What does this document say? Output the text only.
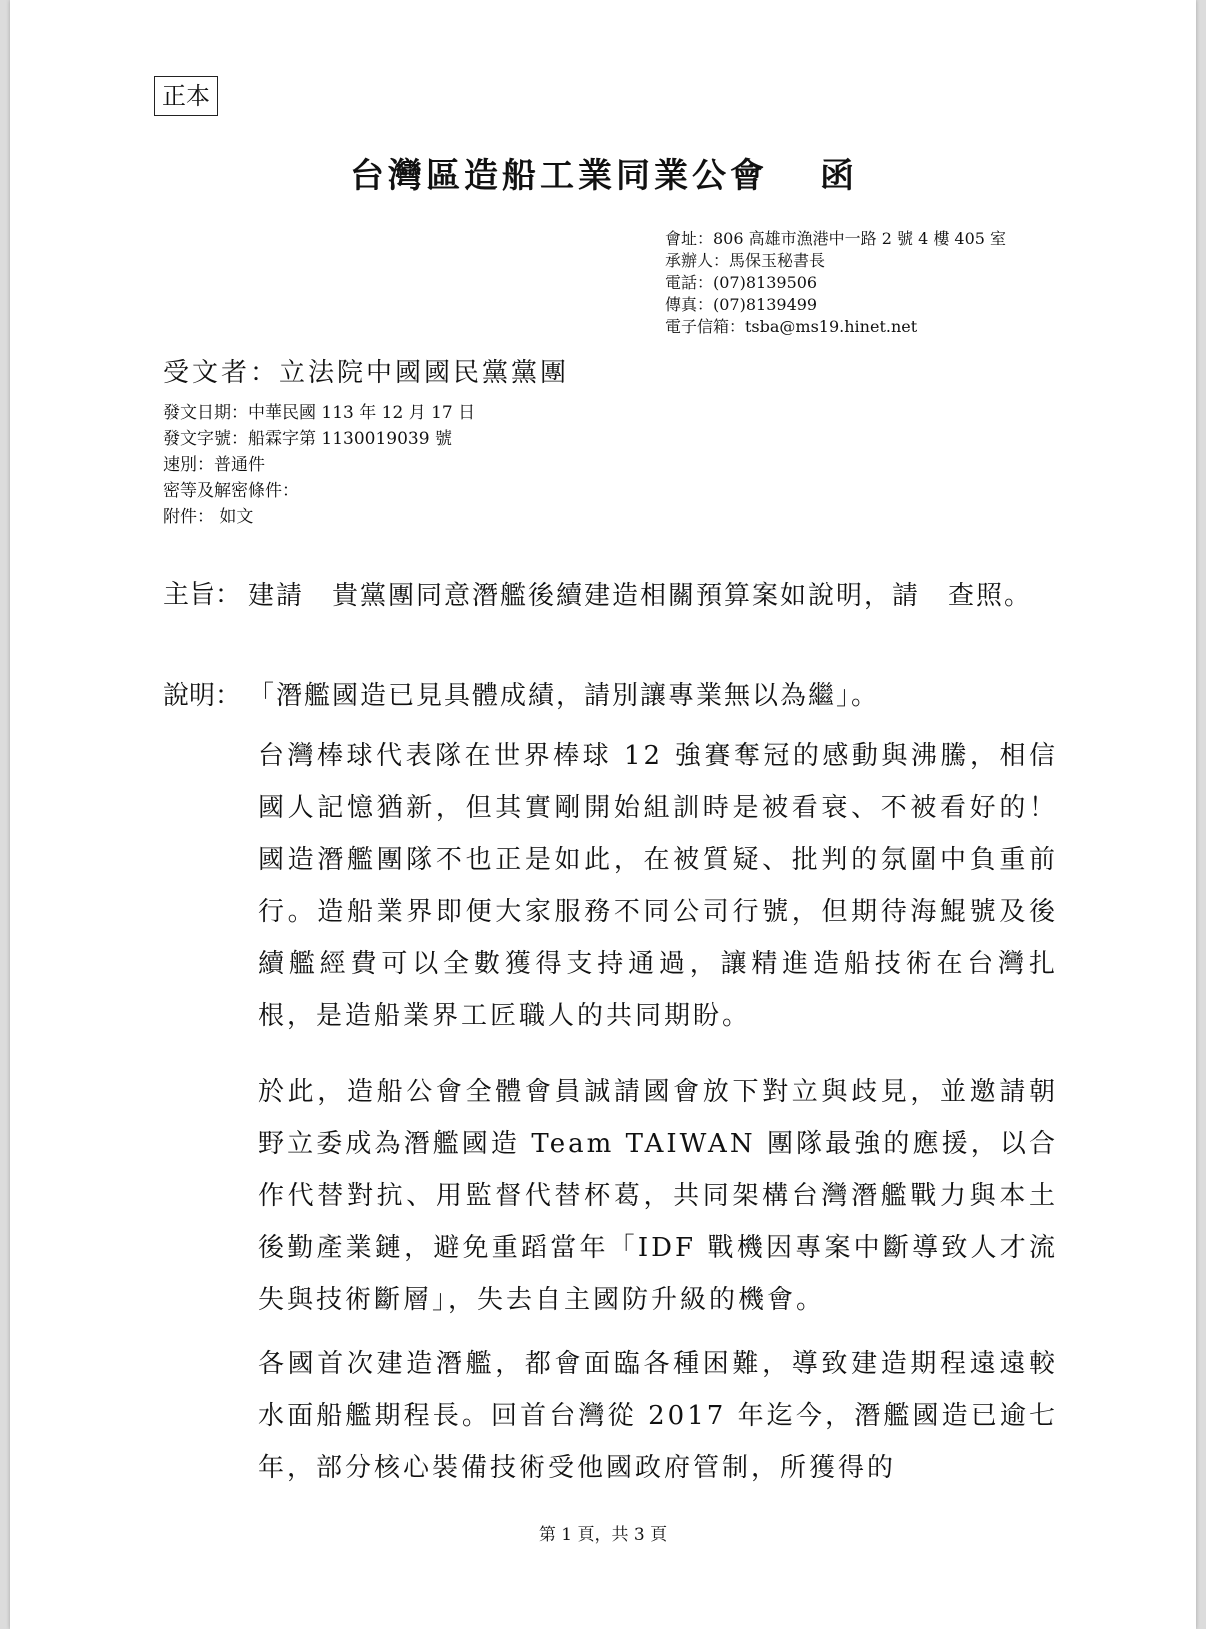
正本
台灣區造船工業同業公會 函
會址：806 高雄市漁港中一路 2 號 4 樓 405 室
承辦人：馬保玉秘書長
電話：(07)8139506
傳真：(07)8139499
電子信箱：tsba@ms19.hinet.net
受文者：立法院中國國民黨黨團
發文日期：中華民國 113 年 12 月 17 日
發文字號：船霖字第 1130019039 號
速別：普通件
密等及解密條件：
附件： 如文
主旨： 建請　貴黨團同意潛艦後續建造相關預算案如說明，請　查照。
說明： 「潛艦國造已見具體成績，請別讓專業無以為繼」。
台灣棒球代表隊在世界棒球 12 強賽奪冠的感動與沸騰，相信國人記憶猶新，但其實剛開始組訓時是被看衰、不被看好的！國造潛艦團隊不也正是如此，在被質疑、批判的氛圍中負重前行。造船業界即便大家服務不同公司行號，但期待海鯤號及後續艦經費可以全數獲得支持通過，讓精進造船技術在台灣扎根，是造船業界工匠職人的共同期盼。
於此，造船公會全體會員誠請國會放下對立與歧見，並邀請朝野立委成為潛艦國造 Team TAIWAN 團隊最強的應援，以合作代替對抗、用監督代替杯葛，共同架構台灣潛艦戰力與本土後勤產業鏈，避免重蹈當年「IDF 戰機因專案中斷導致人才流失與技術斷層」，失去自主國防升級的機會。
各國首次建造潛艦，都會面臨各種困難，導致建造期程遠遠較水面船艦期程長。回首台灣從 2017 年迄今，潛艦國造已逾七年，部分核心裝備技術受他國政府管制，所獲得的
第 1 頁，共 3 頁
